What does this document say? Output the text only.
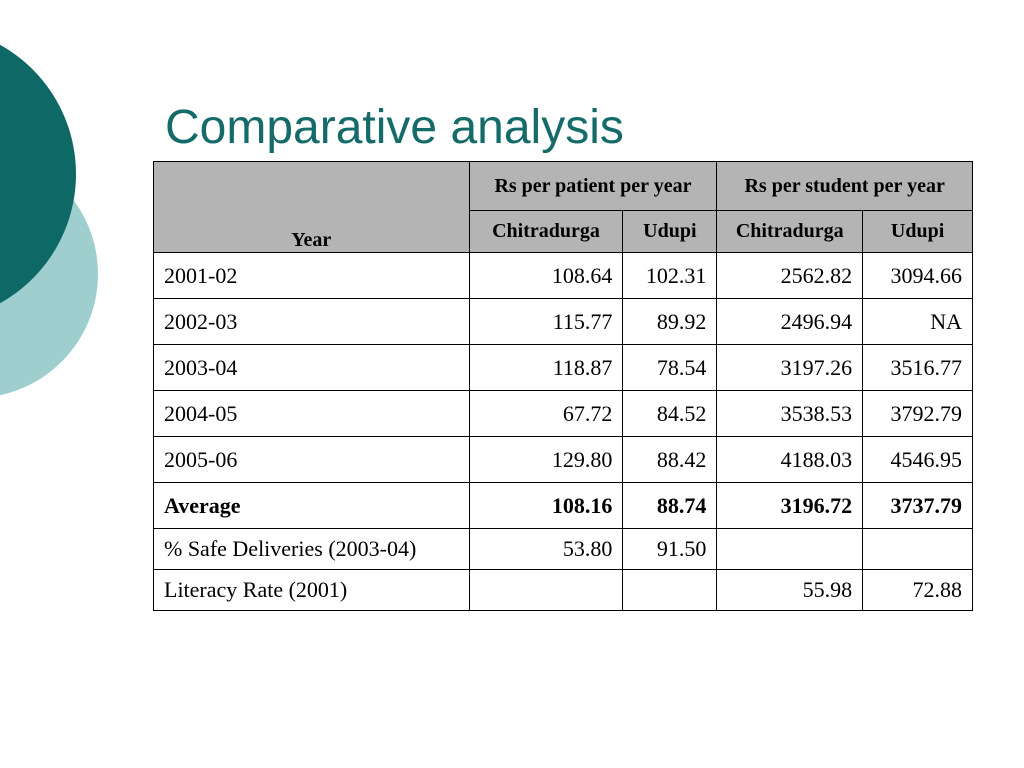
Comparative analysis
Year	Rs per patient per year		Rs per student per year	
	Chitradurga	Udupi	Chitradurga	Udupi
2001-02	108.64	102.31	2562.82	3094.66
2002-03	115.77	89.92	2496.94	NA
2003-04	118.87	78.54	3197.26	3516.77
2004-05	67.72	84.52	3538.53	3792.79
2005-06	129.80	88.42	4188.03	4546.95
Average	108.16	88.74	3196.72	3737.79
% Safe Deliveries (2003-04)	53.80	91.50		
Literacy Rate (2001)			55.98	72.88
